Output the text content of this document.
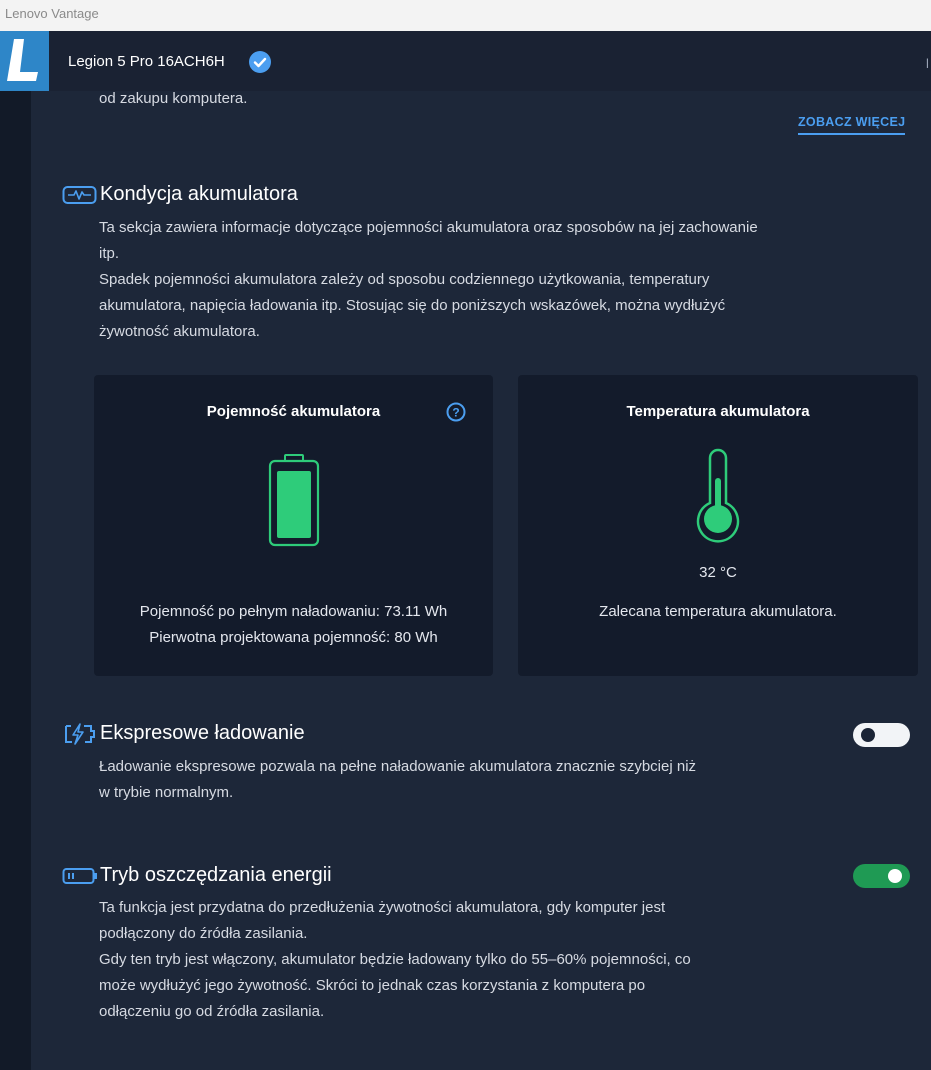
Lenovo Vantage
Legion 5 Pro 16ACH6H	l
od zakupu komputera.
ZOBACZ WIĘCEJ
Kondycja akumulatora
Ta sekcja zawiera informacje dotyczące pojemności akumulatora oraz sposobów na jej zachowanie
itp.
Spadek pojemności akumulatora zależy od sposobu codziennego użytkowania, temperatury
akumulatora, napięcia ładowania itp. Stosując się do poniższych wskazówek, można wydłużyć
żywotność akumulatora.
Pojemność akumulatora	?
Pojemność po pełnym naładowaniu: 73.11 Wh
Pierwotna projektowana pojemność: 80 Wh
Temperatura akumulatora
32 °C
Zalecana temperatura akumulatora.
Ekspresowe ładowanie
Ładowanie ekspresowe pozwala na pełne naładowanie akumulatora znacznie szybciej niż
w trybie normalnym.
Tryb oszczędzania energii
Ta funkcja jest przydatna do przedłużenia żywotności akumulatora, gdy komputer jest
podłączony do źródła zasilania.
Gdy ten tryb jest włączony, akumulator będzie ładowany tylko do 55–60% pojemności, co
może wydłużyć jego żywotność. Skróci to jednak czas korzystania z komputera po
odłączeniu go od źródła zasilania.
